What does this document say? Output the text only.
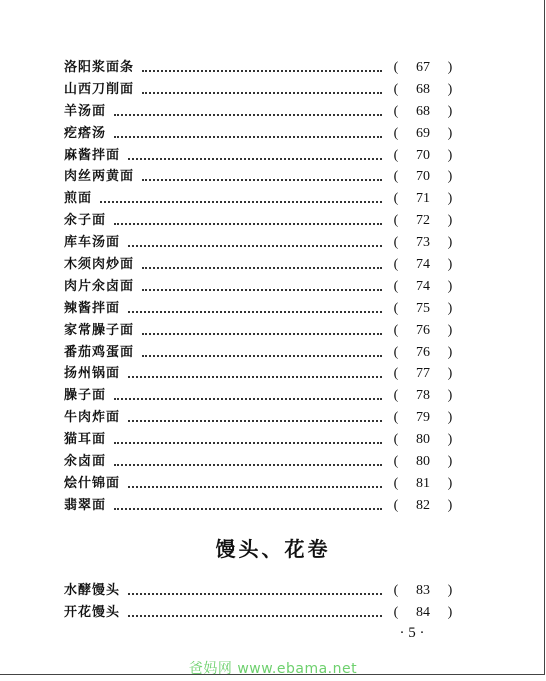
洛阳浆面条	(	67	)
山西刀削面	(	68	)
羊汤面	(	68	)
疙瘩汤	(	69	)
麻酱拌面	(	70	)
肉丝两黄面	(	70	)
煎面	(	71	)
氽子面	(	72	)
库车汤面	(	73	)
木须肉炒面	(	74	)
肉片氽卤面	(	74	)
辣酱拌面	(	75	)
家常臊子面	(	76	)
番茄鸡蛋面	(	76	)
扬州锅面	(	77	)
臊子面	(	78	)
牛肉炸面	(	79	)
猫耳面	(	80	)
氽卤面	(	80	)
烩什锦面	(	81	)
翡翠面	(	82	)
馒头、花卷
水酵馒头	(	83	)
开花馒头	(	84	)
· 5 ·
爸妈网 www.ebama.net
